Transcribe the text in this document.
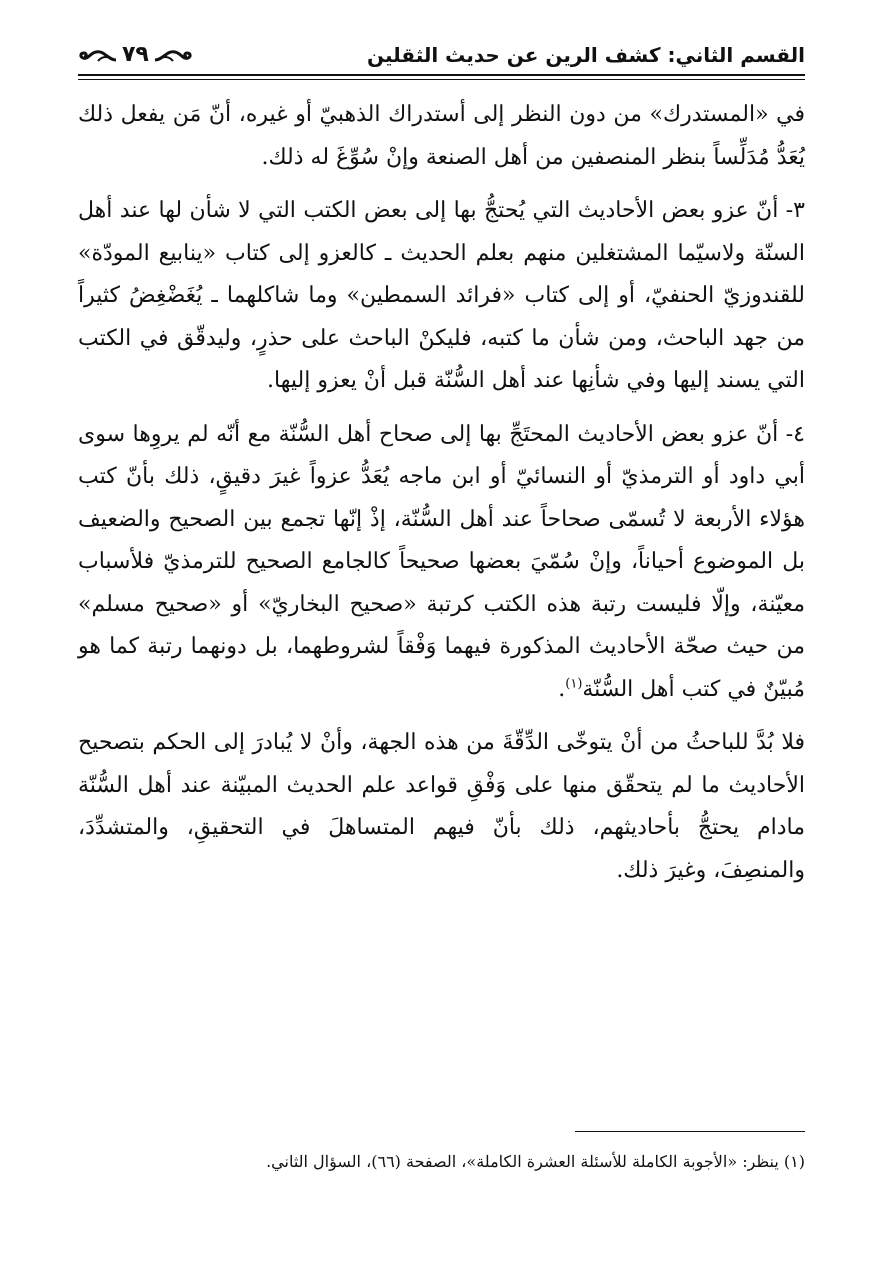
القسم الثاني: كشف الرين عن حديث الثقلين
٧٩

في «المستدرك» من دون النظر إلى أستدراك الذهبيّ أو غيره، أنّ مَن يفعل ذلك يُعَدُّ مُدَلِّساً بنظر المنصفين من أهل الصنعة وإنْ سُوِّغَ له ذلك.

٣- أنّ عزو بعض الأحاديث التي يُحتجُّ بها إلى بعض الكتب التي لا شأن لها عند أهل السنّة ولاسيّما المشتغلين منهم بعلم الحديث ـ كالعزو إلى كتاب «ينابيع المودّة» للقندوزيّ الحنفيّ، أو إلى كتاب «فرائد السمطين» وما شاكلهما ـ يُغَضْغِضُ كثيراً من جهد الباحث، ومن شأن ما كتبه، فليكنْ الباحث على حذرٍ، وليدقّق في الكتب التي يسند إليها وفي شأنِها عند أهل السُّنّة قبل أنْ يعزو إليها.

٤- أنّ عزو بعض الأحاديث المحتَجِّ بها إلى صحاح أهل السُّنّة مع أنّه لم يروِها سوى أبي داود أو الترمذيّ أو النسائيّ أو ابن ماجه يُعَدُّ عزواً غيرَ دقيقٍ، ذلك بأنّ كتب هؤلاء الأربعة لا تُسمّى صحاحاً عند أهل السُّنّة، إذْ إنّها تجمع بين الصحيح والضعيف بل الموضوع أحياناً، وإنْ سُمّيَ بعضها صحيحاً كالجامع الصحيح للترمذيّ فلأسباب معيّنة، وإلّا فليست رتبة هذه الكتب كرتبة «صحيح البخاريّ» أو «صحيح مسلم» من حيث صحّة الأحاديث المذكورة فيهما وَفْقاً لشروطهما، بل دونهما رتبة كما هو مُبيّنٌ في كتب أهل السُّنّة$^{(١)}$.

فلا بُدَّ للباحثُ من أنْ يتوخّى الدِّقّةَ من هذه الجهة، وأنْ لا يُبادرَ إلى الحكم بتصحيح الأحاديث ما لم يتحقّق منها على وَفْقِ قواعد علم الحديث المبيّنة عند أهل السُّنّة مادام يحتجُّ بأحاديثهم، ذلك بأنّ فيهم المتساهلَ في التحقيقِ، والمتشدِّدَ، والمنصِفَ، وغيرَ ذلك.

(١) ينظر: «الأجوبة الكاملة للأسئلة العشرة الكاملة»، الصفحة (٦٦)، السؤال الثاني.
